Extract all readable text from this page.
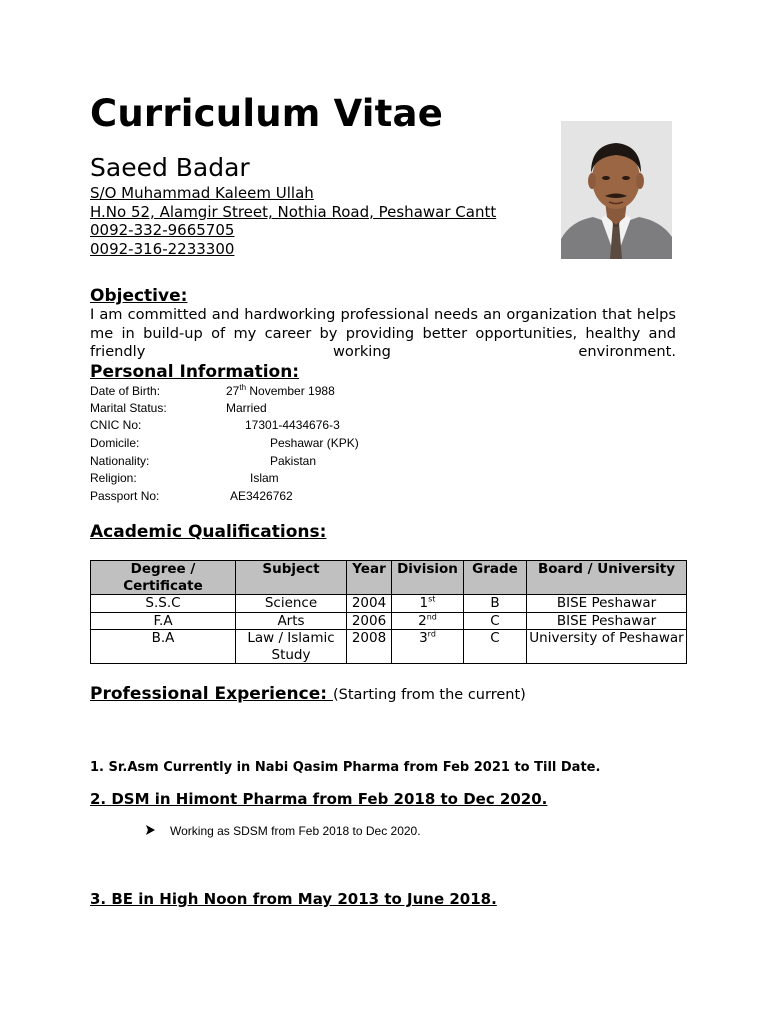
Curriculum Vitae
Saeed Badar
S/O Muhammad Kaleem Ullah
H.No 52, Alamgir Street, Nothia Road, Peshawar Cantt
0092-332-9665705
0092-316-2233300
Objective:
I am committed and hardworking professional needs an organization that helps me in build-up of my career by providing better opportunities, healthy and friendly working environment.
Personal Information:
Date of Birth:	27th November 1988
Marital Status:	Married
CNIC No:	17301-4434676-3
Domicile:	Peshawar (KPK)
Nationality:	Pakistan
Religion:	Islam
Passport No:	AE3426762
Academic Qualifications:
Degree / Certificate	Subject	Year	Division	Grade	Board / University
S.S.C	Science	2004	1st	B	BISE Peshawar
F.A	Arts	2006	2nd	C	BISE Peshawar
B.A	Law / Islamic Study	2008	3rd	C	University of Peshawar
Professional Experience: (Starting from the current)
1. Sr.Asm Currently in Nabi Qasim Pharma from Feb 2021 to Till Date.
2. DSM in Himont Pharma from Feb 2018 to Dec 2020.
Working as SDSM from Feb 2018 to Dec 2020.
3. BE in High Noon from May 2013 to June 2018.
